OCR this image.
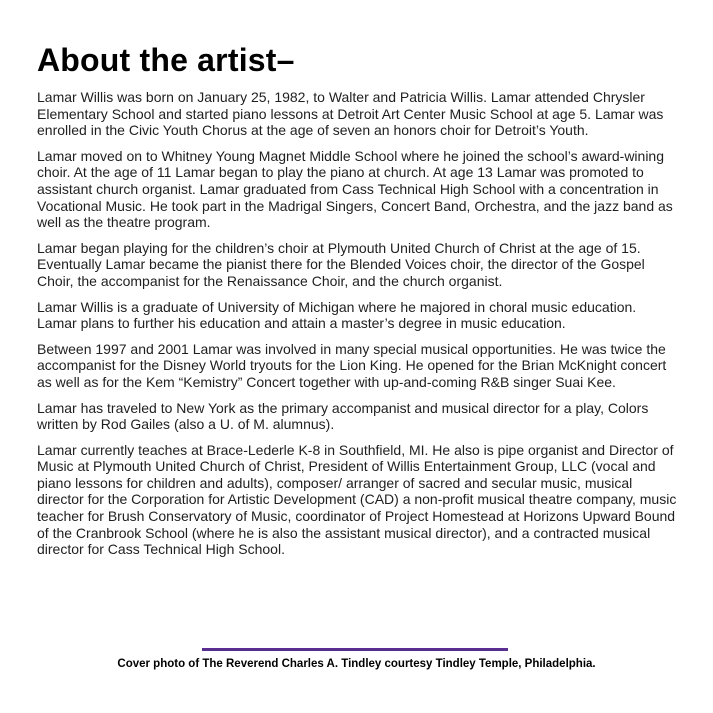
About the artist–

Lamar Willis was born on January 25, 1982, to Walter and Patricia Willis. Lamar attended Chrysler Elementary School and started piano lessons at Detroit Art Center Music School at age 5. Lamar was enrolled in the Civic Youth Chorus at the age of seven an honors choir for Detroit’s Youth.

Lamar moved on to Whitney Young Magnet Middle School where he joined the school’s award-wining choir. At the age of 11 Lamar began to play the piano at church. At age 13 Lamar was promoted to assistant church organist. Lamar graduated from Cass Technical High School with a concentration in Vocational Music. He took part in the Madrigal Singers, Concert Band, Orchestra, and the jazz band as well as the theatre program.

Lamar began playing for the children’s choir at Plymouth United Church of Christ at the age of 15. Eventually Lamar became the pianist there for the Blended Voices choir, the director of the Gospel Choir, the accompanist for the Renaissance Choir, and the church organist.

Lamar Willis is a graduate of University of Michigan where he majored in choral music education. Lamar plans to further his education and attain a master’s degree in music education.

Between 1997 and 2001 Lamar was involved in many special musical opportunities. He was twice the accompanist for the Disney World tryouts for the Lion King. He opened for the Brian McKnight concert as well as for the Kem “Kemistry” Concert together with up-and-coming R&B singer Suai Kee.

Lamar has traveled to New York as the primary accompanist and musical director for a play, Colors written by Rod Gailes (also a U. of M. alumnus).

Lamar currently teaches at Brace-Lederle K-8 in Southfield, MI. He also is pipe organist and Director of Music at Plymouth United Church of Christ, President of Willis Entertainment Group, LLC (vocal and piano lessons for children and adults), composer/ arranger of sacred and secular music, musical director for the Corporation for Artistic Development (CAD) a non-profit musical theatre company, music teacher for Brush Conservatory of Music, coordinator of Project Homestead at Horizons Upward Bound of the Cranbrook School (where he is also the assistant musical director), and a contracted musical director for Cass Technical High School.

Cover photo of The Reverend Charles A. Tindley courtesy Tindley Temple, Philadelphia.
